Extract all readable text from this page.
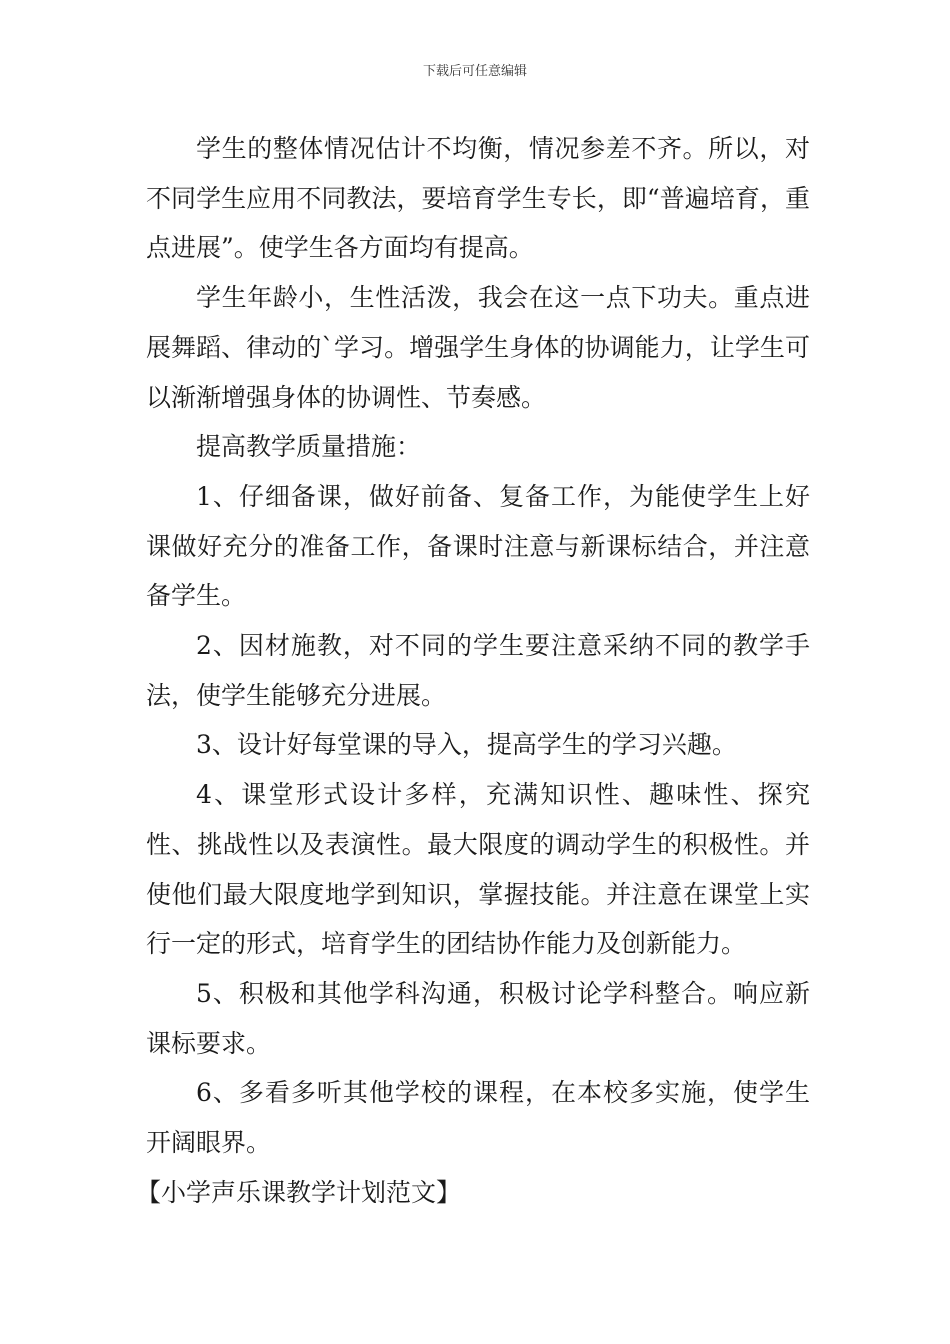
下载后可任意编辑

学生的整体情况估计不均衡，情况参差不齐。所以，对不同学生应用不同教法，要培育学生专长，即“普遍培育，重点进展”。使学生各方面均有提高。

学生年龄小，生性活泼，我会在这一点下功夫。重点进展舞蹈、律动的`学习。增强学生身体的协调能力，让学生可以渐渐增强身体的协调性、节奏感。

提高教学质量措施：

1、仔细备课，做好前备、复备工作，为能使学生上好课做好充分的准备工作，备课时注意与新课标结合，并注意备学生。

2、因材施教，对不同的学生要注意采纳不同的教学手法，使学生能够充分进展。

3、设计好每堂课的导入，提高学生的学习兴趣。

4、课堂形式设计多样，充满知识性、趣味性、探究性、挑战性以及表演性。最大限度的调动学生的积极性。并使他们最大限度地学到知识，掌握技能。并注意在课堂上实行一定的形式，培育学生的团结协作能力及创新能力。

5、积极和其他学科沟通，积极讨论学科整合。响应新课标要求。

6、多看多听其他学校的课程，在本校多实施，使学生开阔眼界。

【小学声乐课教学计划范文】
